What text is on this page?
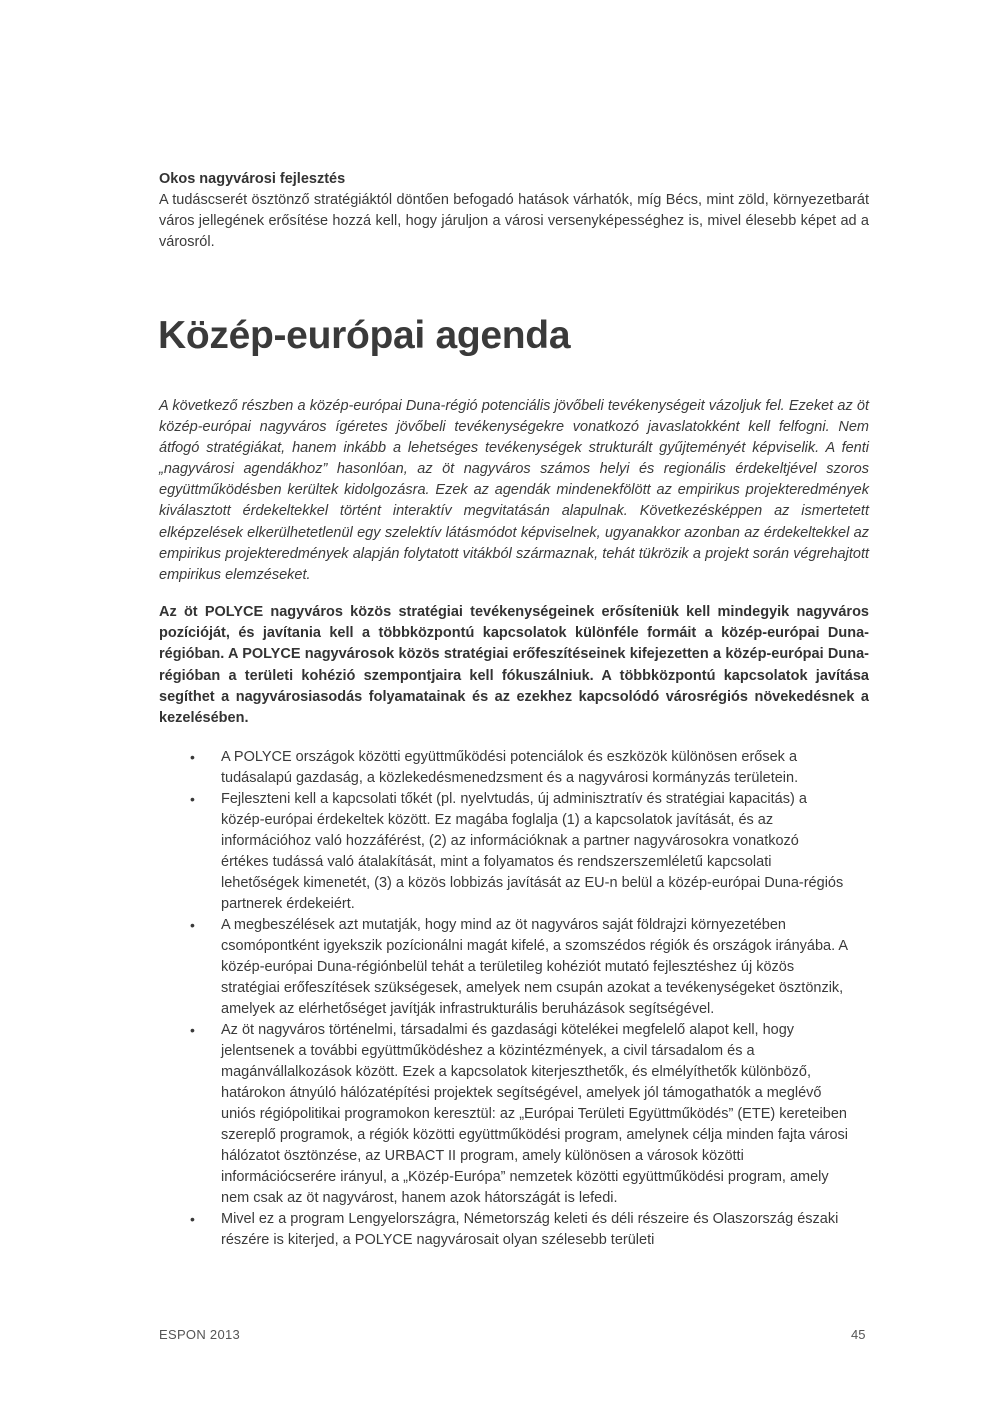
Okos nagyvárosi fejlesztés
A tudáscserét ösztönző stratégiáktól döntően befogadó hatások várhatók, míg Bécs, mint zöld, környezetbarát város jellegének erősítése hozzá kell, hogy járuljon a városi versenyképességhez is, mivel élesebb képet ad a városról.
Közép-európai agenda
A következő részben a közép-európai Duna-régió potenciális jövőbeli tevékenységeit vázoljuk fel. Ezeket az öt közép-európai nagyváros ígéretes jövőbeli tevékenységekre vonatkozó javaslatokként kell felfogni. Nem átfogó stratégiákat, hanem inkább a lehetséges tevékenységek strukturált gyűjteményét képviselik. A fenti „nagyvárosi agendákhoz” hasonlóan, az öt nagyváros számos helyi és regionális érdekeltjével szoros együttműködésben kerültek kidolgozásra. Ezek az agendák mindenekfölött az empirikus projekteredmények kiválasztott érdekeltekkel történt interaktív megvitatásán alapulnak. Következésképpen az ismertetett elképzelések elkerülhetetlenül egy szelektív látásmódot képviselnek, ugyanakkor azonban az érdekeltekkel az empirikus projekteredmények alapján folytatott vitákból származnak, tehát tükrözik a projekt során végrehajtott empirikus elemzéseket.
Az öt POLYCE nagyváros közös stratégiai tevékenységeinek erősíteniük kell mindegyik nagyváros pozícióját, és javítania kell a többközpontú kapcsolatok különféle formáit a közép-európai Duna-régióban. A POLYCE nagyvárosok közös stratégiai erőfeszítéseinek kifejezetten a közép-európai Duna-régióban a területi kohézió szempontjaira kell fókuszálniuk. A többközpontú kapcsolatok javítása segíthet a nagyvárosiasodás folyamatainak és az ezekhez kapcsolódó városrégiós növekedésnek a kezelésében.
• A POLYCE országok közötti együttműködési potenciálok és eszközök különösen erősek a tudásalapú gazdaság, a közlekedésmenedzsment és a nagyvárosi kormányzás területein.
• Fejleszteni kell a kapcsolati tőkét (pl. nyelvtudás, új adminisztratív és stratégiai kapacitás) a közép-európai érdekeltek között. Ez magába foglalja (1) a kapcsolatok javítását, és az információhoz való hozzáférést, (2) az információknak a partner nagyvárosokra vonatkozó értékes tudássá való átalakítását, mint a folyamatos és rendszerszemléletű kapcsolati lehetőségek kimenetét, (3) a közös lobbizás javítását az EU-n belül a közép-európai Duna-régiós partnerek érdekeiért.
• A megbeszélések azt mutatják, hogy mind az öt nagyváros saját földrajzi környezetében csomópontként igyekszik pozícionálni magát kifelé, a szomszédos régiók és országok irányába. A közép-európai Duna-régiónbelül tehát a területileg kohéziót mutató fejlesztéshez új közös stratégiai erőfeszítések szükségesek, amelyek nem csupán azokat a tevékenységeket ösztönzik, amelyek az elérhetőséget javítják infrastrukturális beruházások segítségével.
• Az öt nagyváros történelmi, társadalmi és gazdasági kötelékei megfelelő alapot kell, hogy jelentsenek a további együttműködéshez a közintézmények, a civil társadalom és a magánvállalkozások között. Ezek a kapcsolatok kiterjeszthetők, és elmélyíthetők különböző, határokon átnyúló hálózatépítési projektek segítségével, amelyek jól támogathatók a meglévő uniós régiópolitikai programokon keresztül: az „Európai Területi Együttműködés” (ETE) kereteiben szereplő programok, a régiók közötti együttműködési program, amelynek célja minden fajta városi hálózatot ösztönzése, az URBACT II program, amely különösen a városok közötti információcserére irányul, a „Közép-Európa” nemzetek közötti együttműködési program, amely nem csak az öt nagyvárost, hanem azok hátországát is lefedi.
• Mivel ez a program Lengyelországra, Németország keleti és déli részeire és Olaszország északi részére is kiterjed, a POLYCE nagyvárosait olyan szélesebb területi
ESPON 2013	45
